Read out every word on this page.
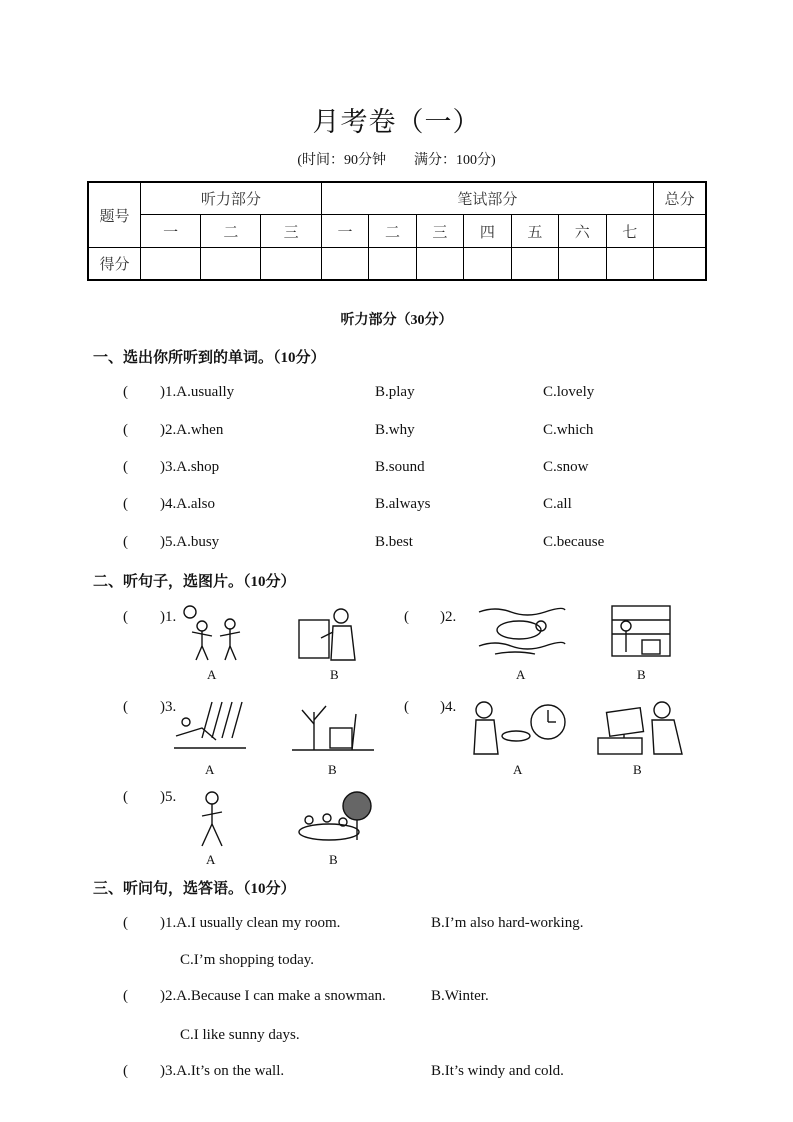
月考卷（一）
(时间：90分钟　　满分：100分)
题号	听力部分			笔试部分							总分
	一	二	三	一	二	三	四	五	六	七	
得分											
听力部分（30分）
一、选出你所听到的单词。（10分）
( )1.A.usually	B.play	C.lovely
( )2.A.when	B.why	C.which
( )3.A.shop	B.sound	C.snow
( )4.A.also	B.always	C.all
( )5.A.busy	B.best	C.because
二、听句子，选图片。（10分）
( )1.	( )2.
( )3.	( )4.
( )5.
A	B	A	B
A	B	A	B
A	B
三、听问句，选答语。（10分）
( )1.A.I usually clean my room.	B.I’m also hard-working.
C.I’m shopping today.
( )2.A.Because I can make a snowman.	B.Winter.
C.I like sunny days.
( )3.A.It’s on the wall.	B.It’s windy and cold.
